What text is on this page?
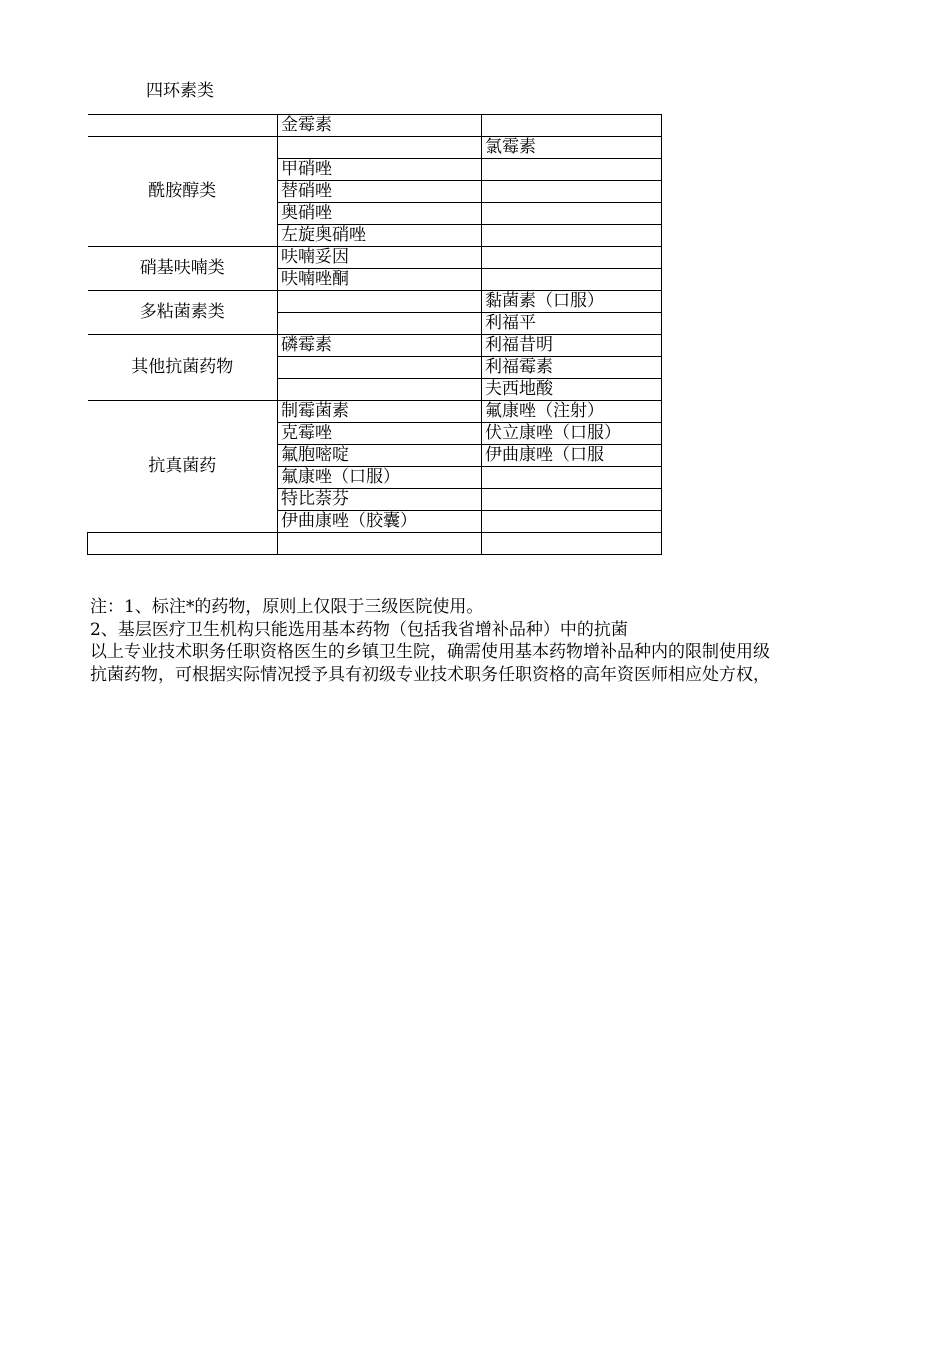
四环素类
	金霉素	
酰胺醇类		氯霉素
	甲硝唑	
	替硝唑	
	奥硝唑	
	左旋奥硝唑	
硝基呋喃类	呋喃妥因	
	呋喃唑酮	
多粘菌素类		黏菌素（口服）
		利福平
其他抗菌药物	磷霉素	利福昔明
		利福霉素
		夫西地酸
抗真菌药	制霉菌素	氟康唑（注射）
	克霉唑	伏立康唑（口服）
	氟胞嘧啶	伊曲康唑（口服
	氟康唑（口服）	
	特比萘芬	
	伊曲康唑（胶囊）	

注：1、标注*的药物，原则上仅限于三级医院使用。
2、基层医疗卫生机构只能选用基本药物（包括我省增补品种）中的抗菌
以上专业技术职务任职资格医生的乡镇卫生院，确需使用基本药物增补品种内的限制使用级
抗菌药物，可根据实际情况授予具有初级专业技术职务任职资格的高年资医师相应处方权，
